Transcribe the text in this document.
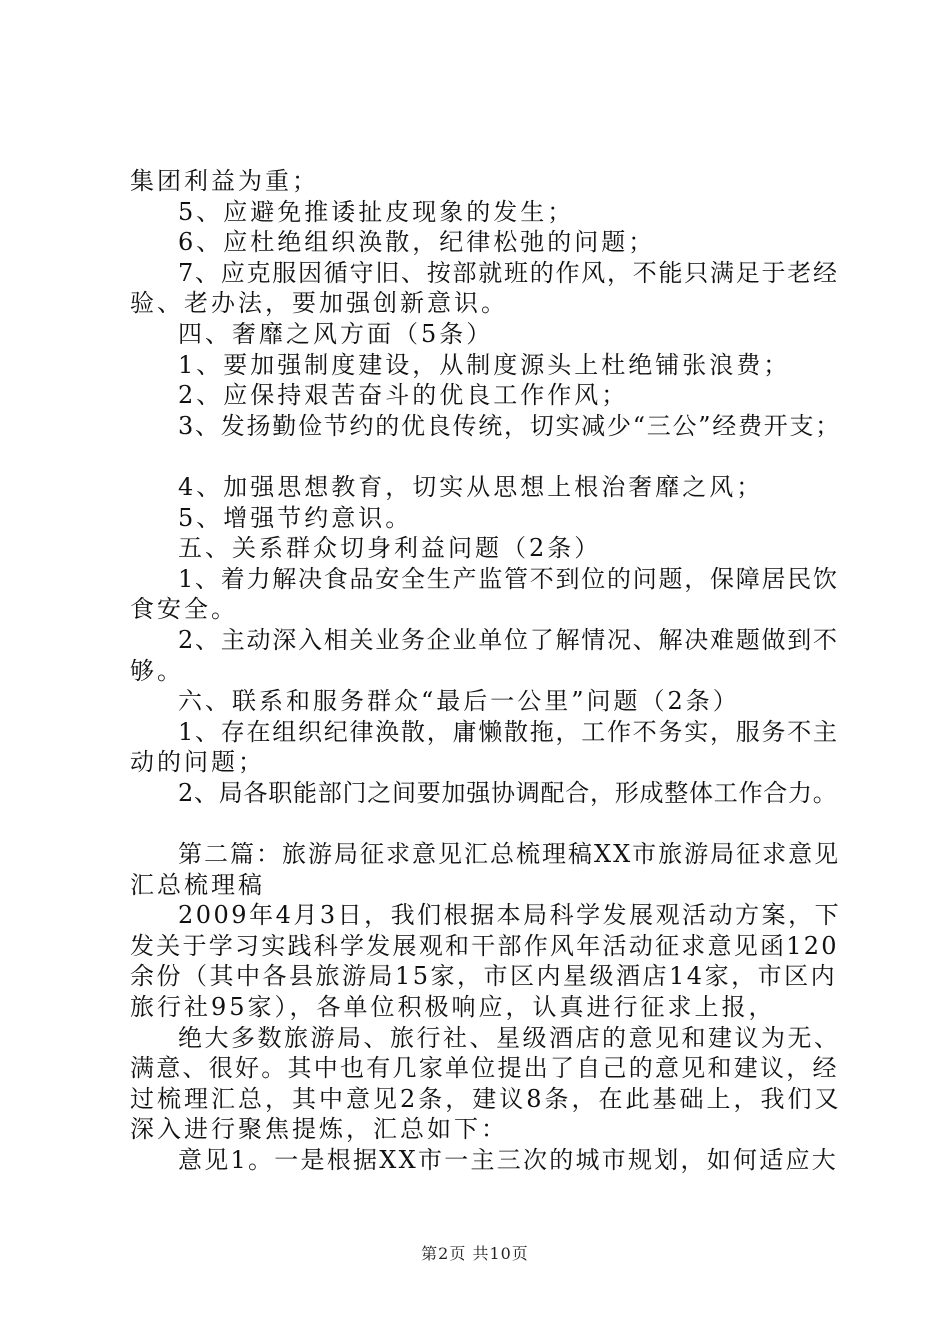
集团利益为重；
5、应避免推诿扯皮现象的发生；
6、应杜绝组织涣散，纪律松弛的问题；
7、应克服因循守旧、按部就班的作风，不能只满足于老经
验、老办法，要加强创新意识。
四、奢靡之风方面（5条）
1、要加强制度建设，从制度源头上杜绝铺张浪费；
2、应保持艰苦奋斗的优良工作作风；
3、发扬勤俭节约的优良传统，切实减少“三公”经费开支；
4、加强思想教育，切实从思想上根治奢靡之风；
5、增强节约意识。
五、关系群众切身利益问题（2条）
1、着力解决食品安全生产监管不到位的问题，保障居民饮
食安全。
2、主动深入相关业务企业单位了解情况、解决难题做到不
够。
六、联系和服务群众“最后一公里”问题（2条）
1、存在组织纪律涣散，庸懒散拖，工作不务实，服务不主
动的问题；
2、局各职能部门之间要加强协调配合，形成整体工作合力。
第二篇：旅游局征求意见汇总梳理稿XX市旅游局征求意见
汇总梳理稿
2009年4月3日，我们根据本局科学发展观活动方案，下
发关于学习实践科学发展观和干部作风年活动征求意见函120
余份（其中各县旅游局15家，市区内星级酒店14家，市区内
旅行社95家），各单位积极响应，认真进行征求上报，
绝大多数旅游局、旅行社、星级酒店的意见和建议为无、
满意、很好。其中也有几家单位提出了自己的意见和建议，经
过梳理汇总，其中意见2条，建议8条，在此基础上，我们又
深入进行聚焦提炼，汇总如下：
意见1。一是根据XX市一主三次的城市规划，如何适应大
第2页 共10页
